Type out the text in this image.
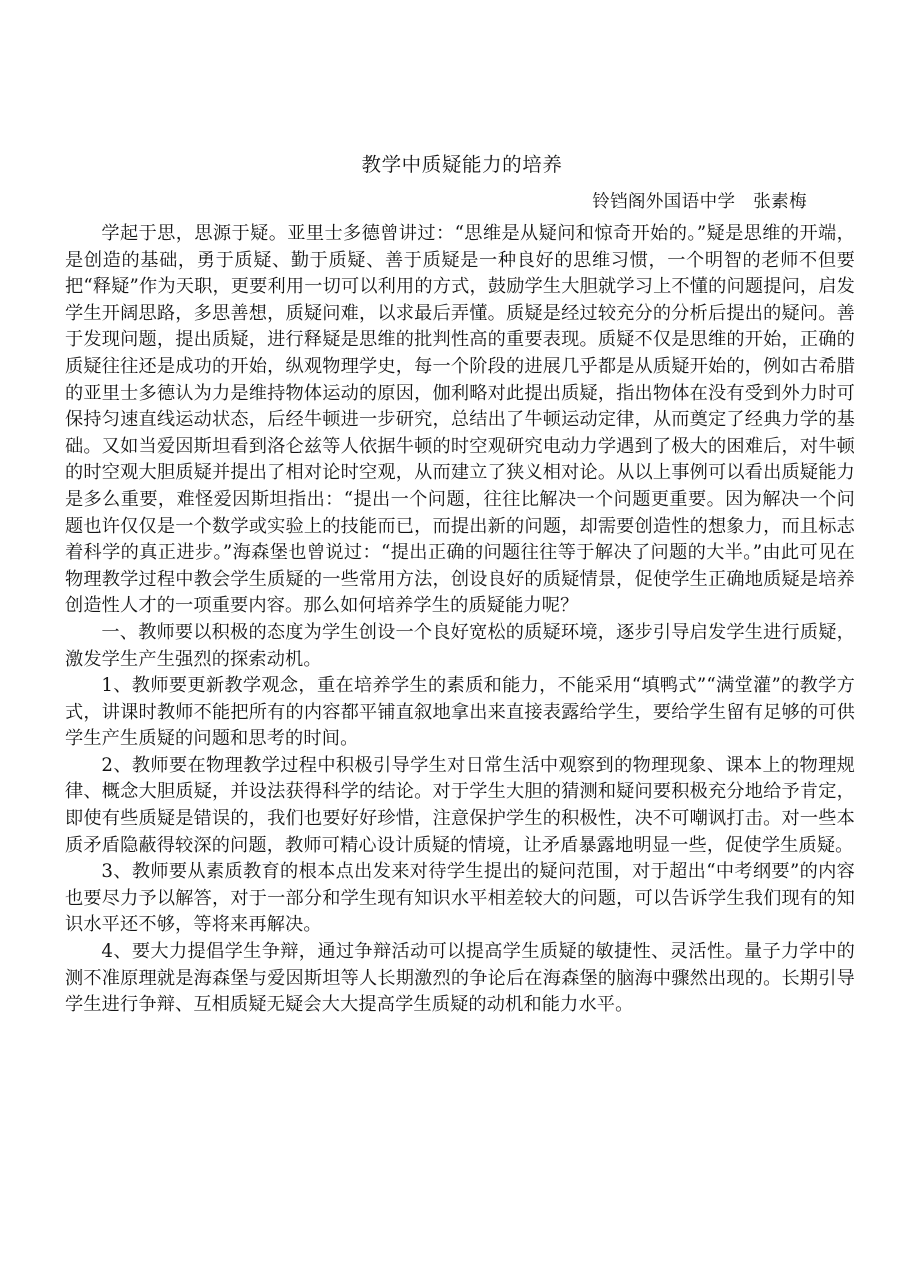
教学中质疑能力的培养
铃铛阁外国语中学　张素梅

学起于思，思源于疑。亚里士多德曾讲过：“思维是从疑问和惊奇开始的。”疑是思维的开端，是创造的基础，勇于质疑、勤于质疑、善于质疑是一种良好的思维习惯，一个明智的老师不但要把“释疑”作为天职，更要利用一切可以利用的方式，鼓励学生大胆就学习上不懂的问题提问，启发学生开阔思路，多思善想，质疑问难，以求最后弄懂。质疑是经过较充分的分析后提出的疑问。善于发现问题，提出质疑，进行释疑是思维的批判性高的重要表现。质疑不仅是思维的开始，正确的质疑往往还是成功的开始，纵观物理学史，每一个阶段的进展几乎都是从质疑开始的，例如古希腊的亚里士多德认为力是维持物体运动的原因，伽利略对此提出质疑，指出物体在没有受到外力时可保持匀速直线运动状态，后经牛顿进一步研究，总结出了牛顿运动定律，从而奠定了经典力学的基础。又如当爱因斯坦看到洛仑兹等人依据牛顿的时空观研究电动力学遇到了极大的困难后，对牛顿的时空观大胆质疑并提出了相对论时空观，从而建立了狭义相对论。从以上事例可以看出质疑能力是多么重要，难怪爱因斯坦指出：“提出一个问题，往往比解决一个问题更重要。因为解决一个问题也许仅仅是一个数学或实验上的技能而已，而提出新的问题，却需要创造性的想象力，而且标志着科学的真正进步。”海森堡也曾说过：“提出正确的问题往往等于解决了问题的大半。”由此可见在物理教学过程中教会学生质疑的一些常用方法，创设良好的质疑情景，促使学生正确地质疑是培养创造性人才的一项重要内容。那么如何培养学生的质疑能力呢？

一、教师要以积极的态度为学生创设一个良好宽松的质疑环境，逐步引导启发学生进行质疑，激发学生产生强烈的探索动机。

1、教师要更新教学观念，重在培养学生的素质和能力，不能采用“填鸭式”“满堂灌”的教学方式，讲课时教师不能把所有的内容都平铺直叙地拿出来直接表露给学生，要给学生留有足够的可供学生产生质疑的问题和思考的时间。

2、教师要在物理教学过程中积极引导学生对日常生活中观察到的物理现象、课本上的物理规律、概念大胆质疑，并设法获得科学的结论。对于学生大胆的猜测和疑问要积极充分地给予肯定，即使有些质疑是错误的，我们也要好好珍惜，注意保护学生的积极性，决不可嘲讽打击。对一些本质矛盾隐蔽得较深的问题，教师可精心设计质疑的情境，让矛盾暴露地明显一些，促使学生质疑。

3、教师要从素质教育的根本点出发来对待学生提出的疑问范围，对于超出“中考纲要”的内容也要尽力予以解答，对于一部分和学生现有知识水平相差较大的问题，可以告诉学生我们现有的知识水平还不够，等将来再解决。

4、要大力提倡学生争辩，通过争辩活动可以提高学生质疑的敏捷性、灵活性。量子力学中的测不准原理就是海森堡与爱因斯坦等人长期激烈的争论后在海森堡的脑海中骤然出现的。长期引导学生进行争辩、互相质疑无疑会大大提高学生质疑的动机和能力水平。
